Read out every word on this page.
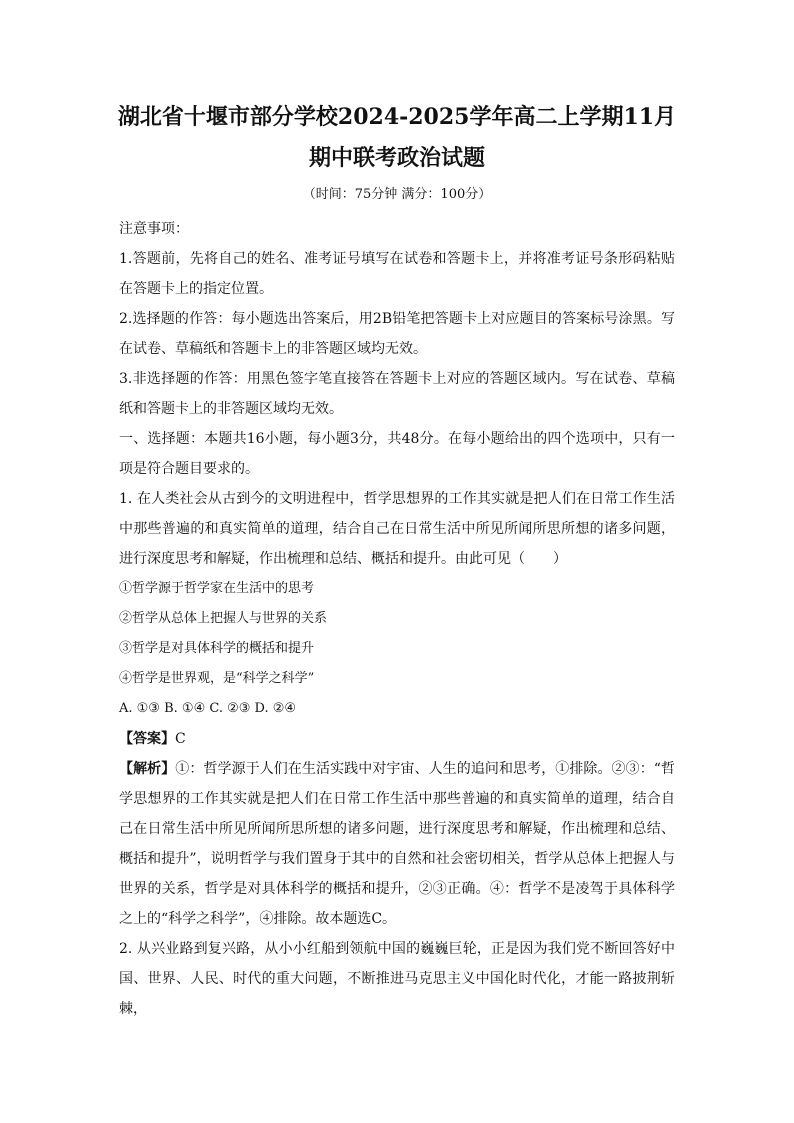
湖北省十堰市部分学校2024-2025学年高二上学期11月
期中联考政治试题
（时间：75分钟 满分：100分）

注意事项：

1.答题前，先将自己的姓名、准考证号填写在试卷和答题卡上，并将准考证号条形码粘贴在答题卡上的指定位置。

2.选择题的作答：每小题选出答案后，用2B铅笔把答题卡上对应题目的答案标号涂黑。写在试卷、草稿纸和答题卡上的非答题区域均无效。

3.非选择题的作答：用黑色签字笔直接答在答题卡上对应的答题区域内。写在试卷、草稿纸和答题卡上的非答题区域均无效。

一、选择题：本题共16小题，每小题3分，共48分。在每小题给出的四个选项中，只有一项是符合题目要求的。

1. 在人类社会从古到今的文明进程中，哲学思想界的工作其实就是把人们在日常工作生活中那些普遍的和真实简单的道理，结合自己在日常生活中所见所闻所思所想的诸多问题，进行深度思考和解疑，作出梳理和总结、概括和提升。由此可见（　　）

①哲学源于哲学家在生活中的思考

②哲学从总体上把握人与世界的关系

③哲学是对具体科学的概括和提升

④哲学是世界观，是“科学之科学”

A. ①③ B. ①④ C. ②③ D. ②④

【答案】C

【解析】①：哲学源于人们在生活实践中对宇宙、人生的追问和思考，①排除。②③：“哲学思想界的工作其实就是把人们在日常工作生活中那些普遍的和真实简单的道理，结合自己在日常生活中所见所闻所思所想的诸多问题，进行深度思考和解疑，作出梳理和总结、概括和提升”，说明哲学与我们置身于其中的自然和社会密切相关，哲学从总体上把握人与世界的关系，哲学是对具体科学的概括和提升，②③正确。④：哲学不是凌驾于具体科学之上的“科学之科学”，④排除。故本题选C。

2. 从兴业路到复兴路，从小小红船到领航中国的巍巍巨轮，正是因为我们党不断回答好中国、世界、人民、时代的重大问题，不断推进马克思主义中国化时代化，才能一路披荆斩棘，
